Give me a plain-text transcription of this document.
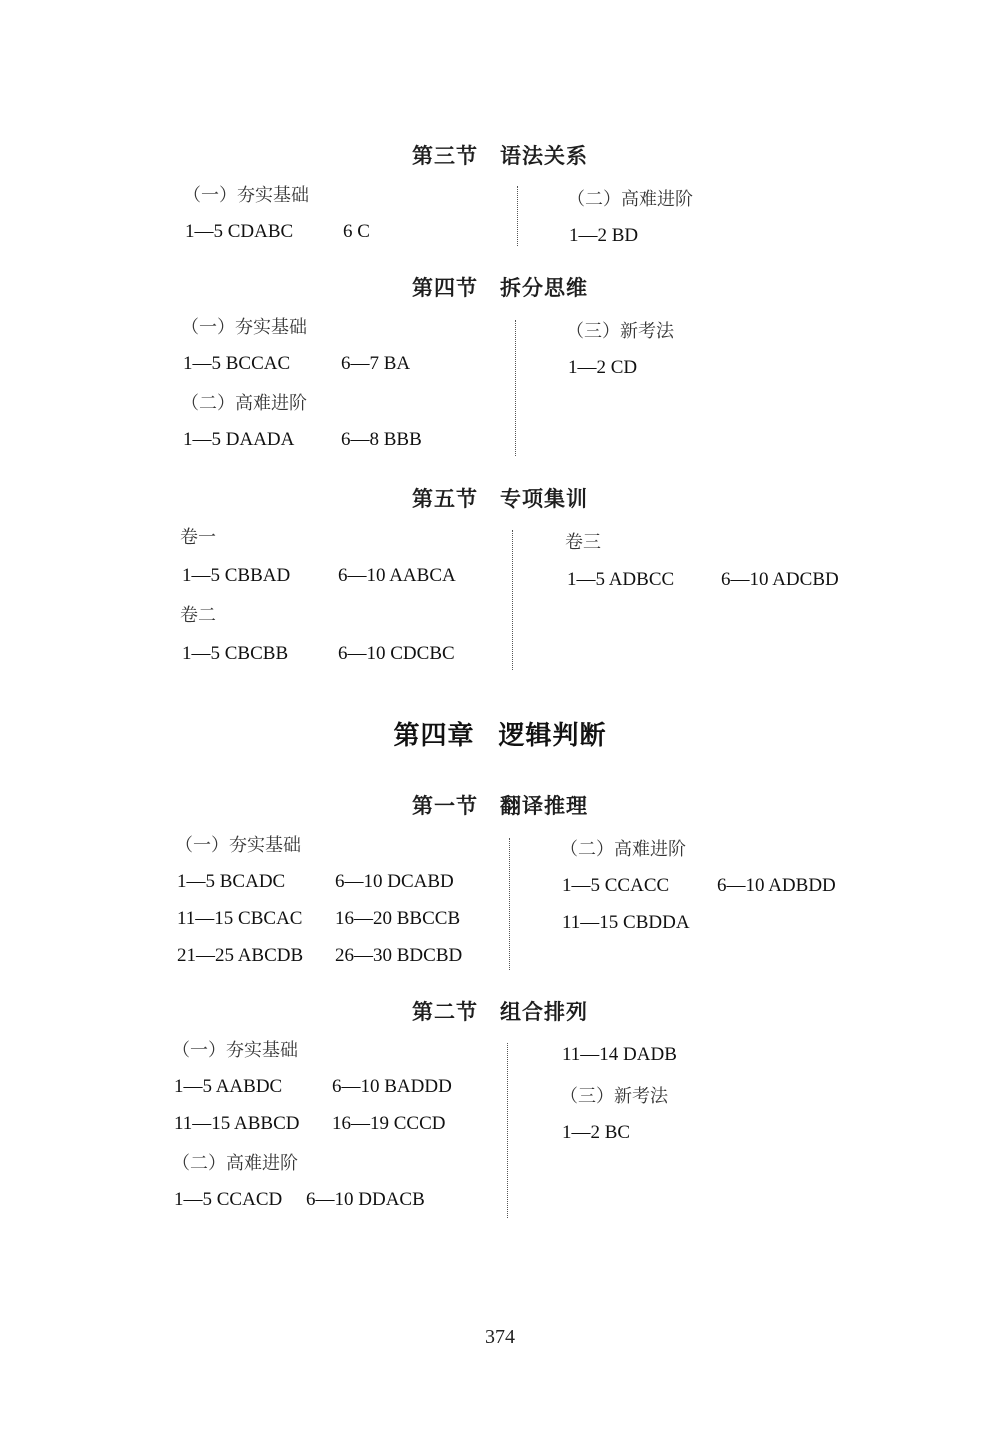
第三节 语法关系
（一）夯实基础
1—5 CDABC	6 C
（二）高难进阶
1—2 BD
第四节 拆分思维
（一）夯实基础
1—5 BCCAC	6—7 BA
（二）高难进阶
1—5 DAADA 6—8 BBB
（三）新考法
1—2 CD
第五节 专项集训
卷一
1—5 CBBAD	6—10 AABCA
卷二
1—5 CBCBB	6—10 CDCBC
卷三
1—5 ADBCC 6—10 ADCBD
第四章 逻辑判断
第一节 翻译推理
（一）夯实基础
1—5 BCADC	6—10 DCABD
11—15 CBCAC 16—20 BBCCB
21—25 ABCDB 26—30 BDCBD
（二）高难进阶
1—5 CCACC	6—10 ADBDD
11—15 CBDDA
第二节 组合排列
（一）夯实基础
1—5 AABDC	6—10 BADDD
11—15 ABBCD 16—19 CCCD
（二）高难进阶
1—5 CCACD 6—10 DDACB
11—14 DADB
（三）新考法
1—2 BC
374
